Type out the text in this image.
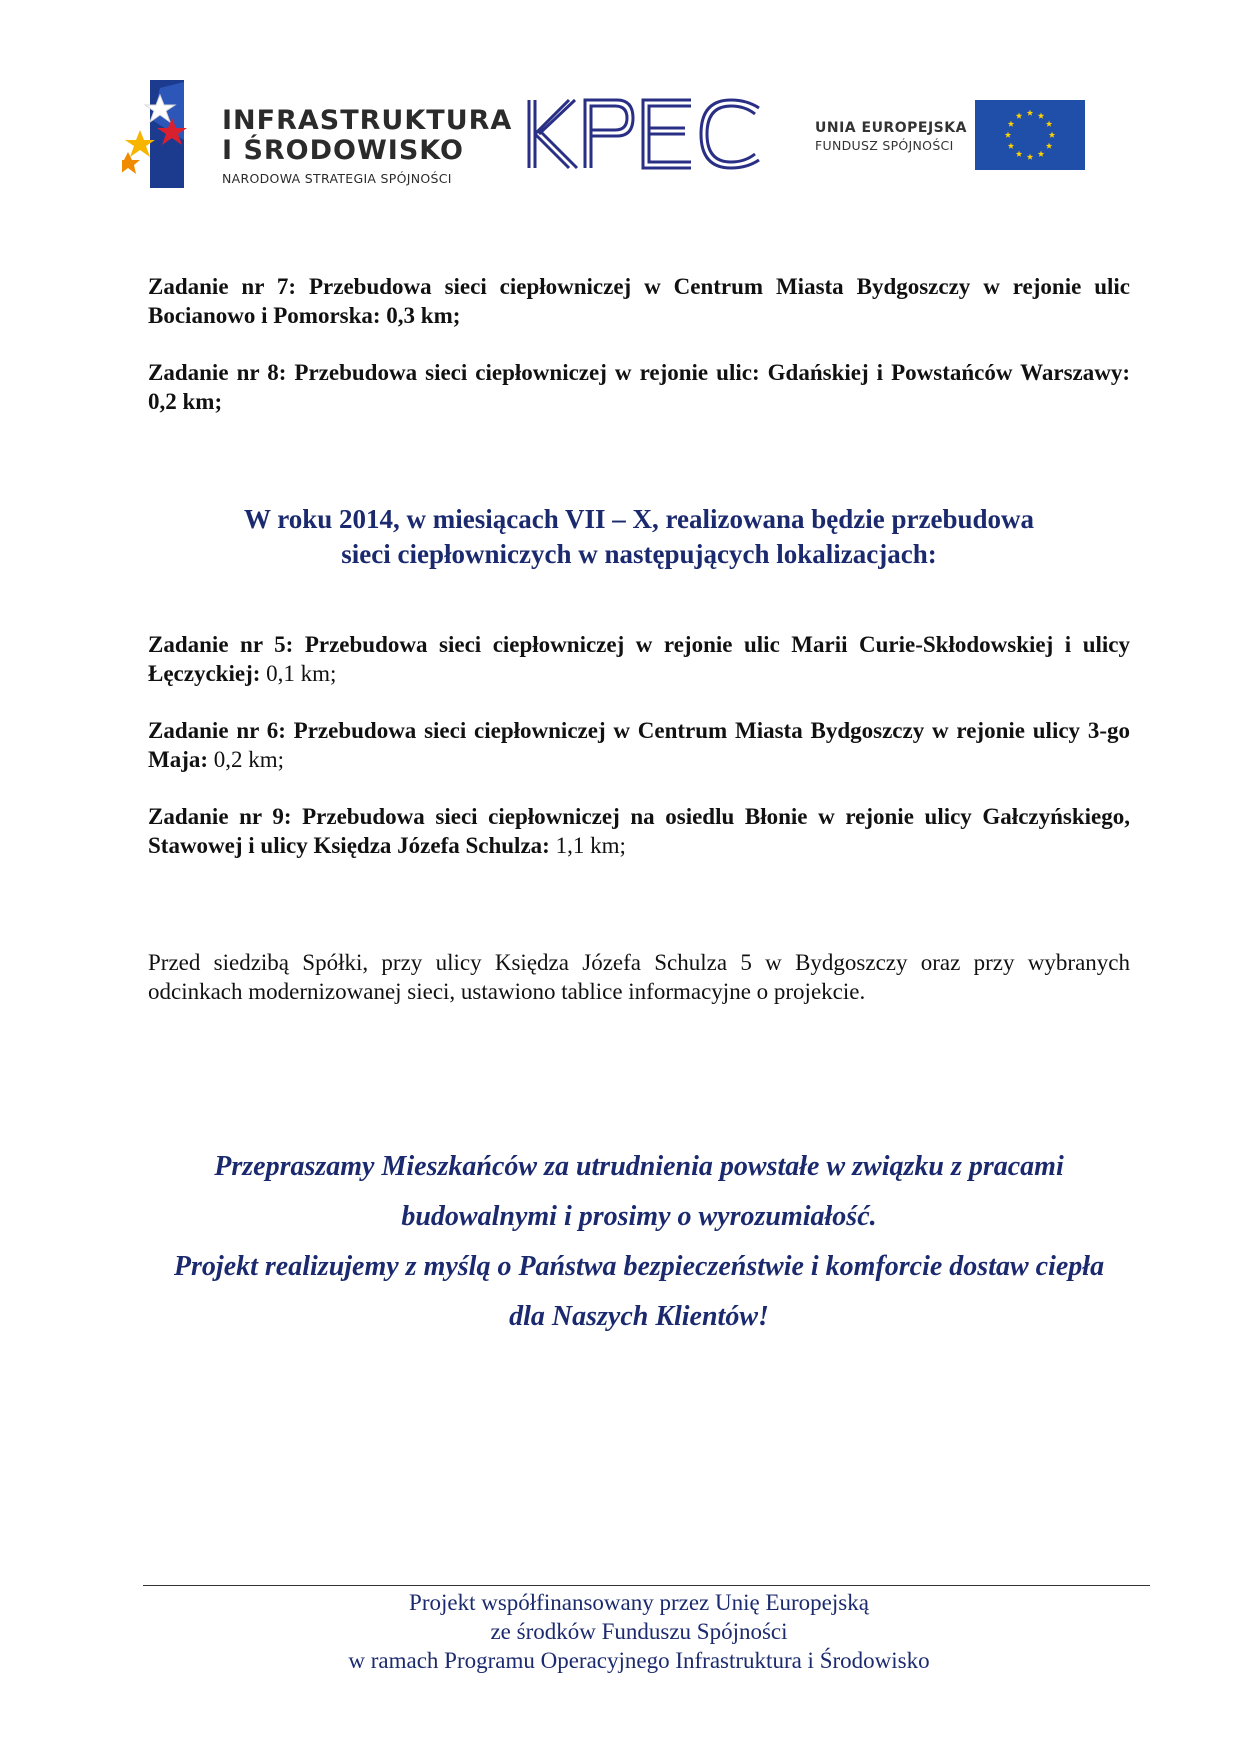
INFRASTRUKTURA
I ŚRODOWISKO
NARODOWA STRATEGIA SPÓJNOŚCI
UNIA EUROPEJSKA
FUNDUSZ SPÓJNOŚCI
Zadanie nr 7: Przebudowa sieci ciepłowniczej w Centrum Miasta Bydgoszczy w rejonie ulic Bocianowo i Pomorska: 0,3 km;
Zadanie nr 8: Przebudowa sieci ciepłowniczej w rejonie ulic: Gdańskiej i Powstańców Warszawy: 0,2 km;
W roku 2014, w miesiącach VII – X, realizowana będzie przebudowa
sieci ciepłowniczych w następujących lokalizacjach:
Zadanie nr 5: Przebudowa sieci ciepłowniczej w rejonie ulic Marii Curie-Skłodowskiej i ulicy Łęczyckiej: 0,1 km;
Zadanie nr 6: Przebudowa sieci ciepłowniczej w Centrum Miasta Bydgoszczy w rejonie ulicy 3-go Maja: 0,2 km;
Zadanie nr 9: Przebudowa sieci ciepłowniczej na osiedlu Błonie w rejonie ulicy Gałczyńskiego, Stawowej i ulicy Księdza Józefa Schulza: 1,1 km;
Przed siedzibą Spółki, przy ulicy Księdza Józefa Schulza 5 w Bydgoszczy oraz przy wybranych odcinkach modernizowanej sieci, ustawiono tablice informacyjne o projekcie.
Przepraszamy Mieszkańców za utrudnienia powstałe w związku z pracami
budowalnymi i prosimy o wyrozumiałość.
Projekt realizujemy z myślą o Państwa bezpieczeństwie i komforcie dostaw ciepła
dla Naszych Klientów!
Projekt współfinansowany przez Unię Europejską
ze środków Funduszu Spójności
w ramach Programu Operacyjnego Infrastruktura i Środowisko
